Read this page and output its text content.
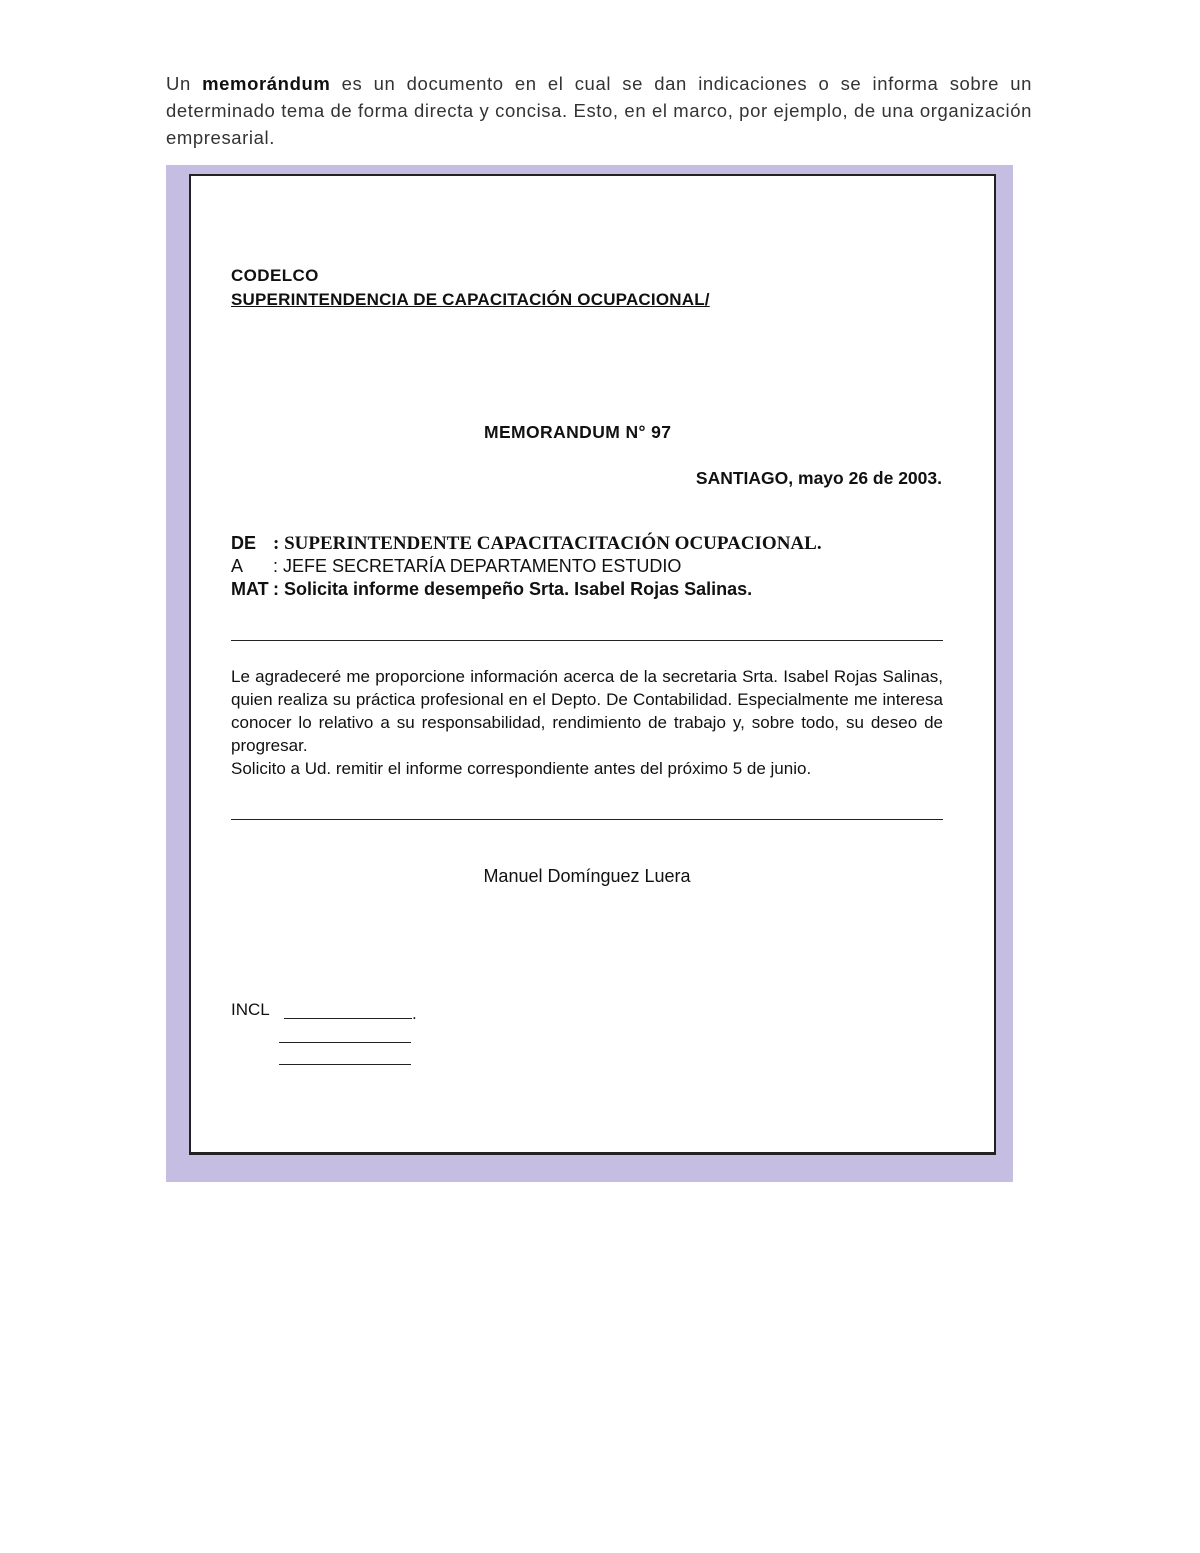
Un memorándum es un documento en el cual se dan indicaciones o se informa sobre un determinado tema de forma directa y concisa. Esto, en el marco, por ejemplo, de una organización empresarial.
CODELCO
SUPERINTENDENCIA DE CAPACITACIÓN OCUPACIONAL/
MEMORANDUM N° 97
SANTIAGO, mayo 26 de 2003.
DE : SUPERINTENDENTE CAPACITACITACIÓN OCUPACIONAL.
A : JEFE SECRETARÍA DEPARTAMENTO ESTUDIO
MAT : Solicita informe desempeño Srta. Isabel Rojas Salinas.

Le agradeceré me proporcione información acerca de la secretaria Srta. Isabel Rojas Salinas, quien realiza su práctica profesional en el Depto. De Contabilidad. Especialmente me interesa conocer lo relativo a su responsabilidad, rendimiento de trabajo y, sobre todo, su deseo de progresar.

Solicito a Ud. remitir el informe correspondiente antes del próximo 5 de junio.

Manuel Domínguez Luera
INCL	.
